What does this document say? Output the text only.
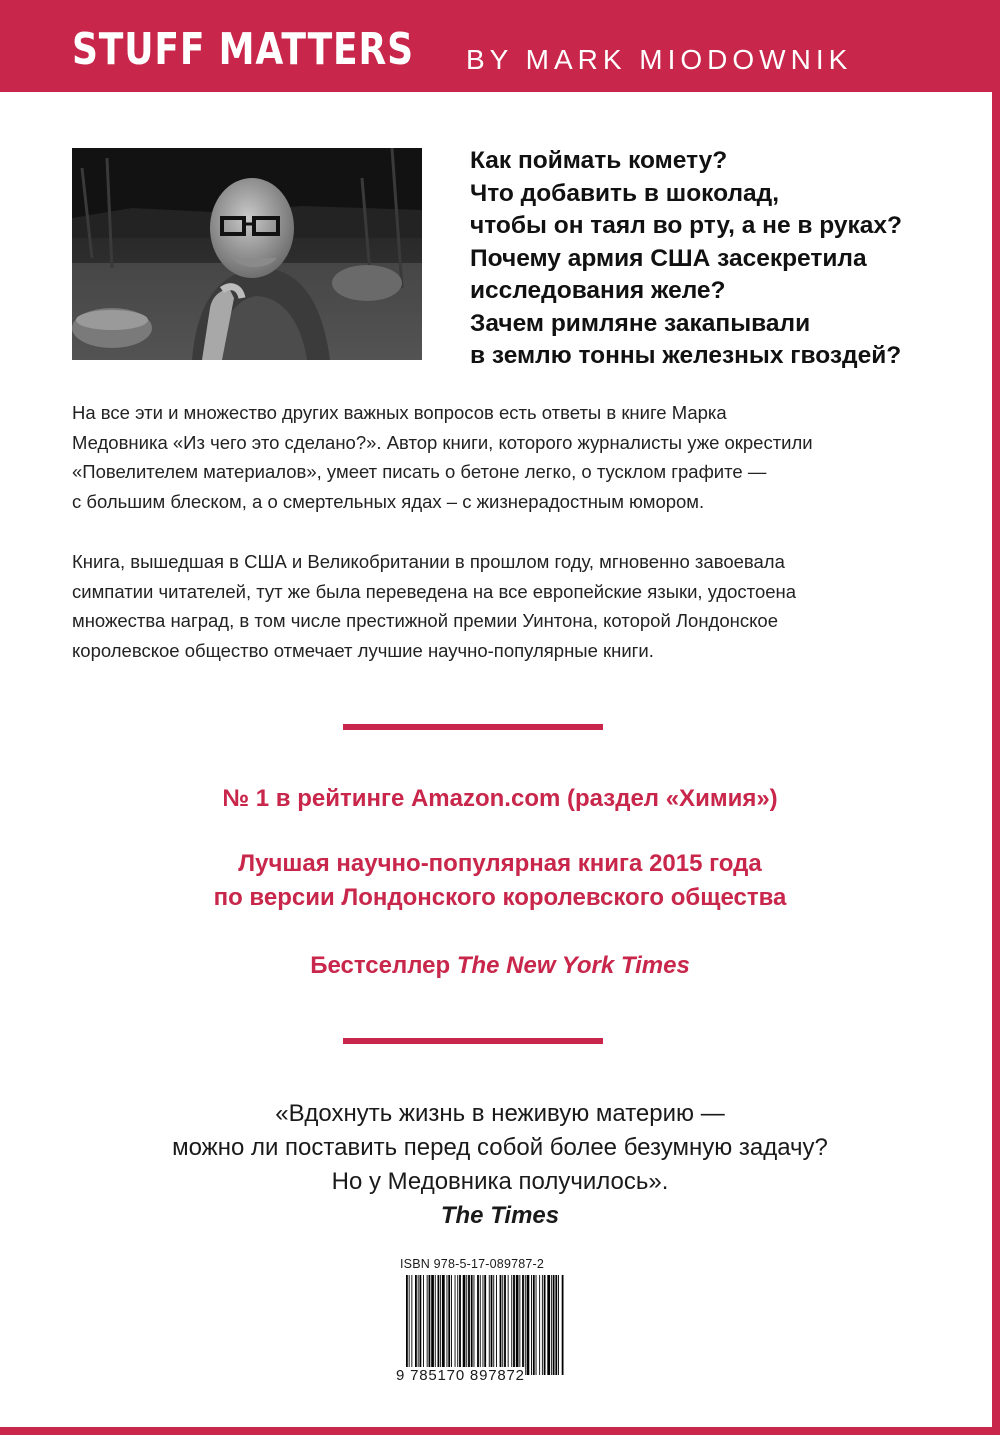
STUFF MATTERS BY MARK MIODOWNIK
Как поймать комету?
Что добавить в шоколад,
чтобы он таял во рту, а не в руках?
Почему армия США засекретила
исследования желе?
Зачем римляне закапывали
в землю тонны железных гвоздей?

На все эти и множество других важных вопросов есть ответы в книге Марка
Медовника «Из чего это сделано?». Автор книги, которого журналисты уже окрестили
«Повелителем материалов», умеет писать о бетоне легко, о тусклом графите —
с большим блеском, а о смертельных ядах – с жизнерадостным юмором.

Книга, вышедшая в США и Великобритании в прошлом году, мгновенно завоевала
симпатии читателей, тут же была переведена на все европейские языки, удостоена
множества наград, в том числе престижной премии Уинтона, которой Лондонское
королевское общество отмечает лучшие научно-популярные книги.

№ 1 в рейтинге Amazon.com (раздел «Химия»)
Лучшая научно-популярная книга 2015 года
по версии Лондонского королевского общества
Бестселлер The New York Times
«Вдохнуть жизнь в неживую материю —
можно ли поставить перед собой более безумную задачу?
Но у Медовника получилось».
The Times
ISBN 978-5-17-089787-2
9 785170 897872
